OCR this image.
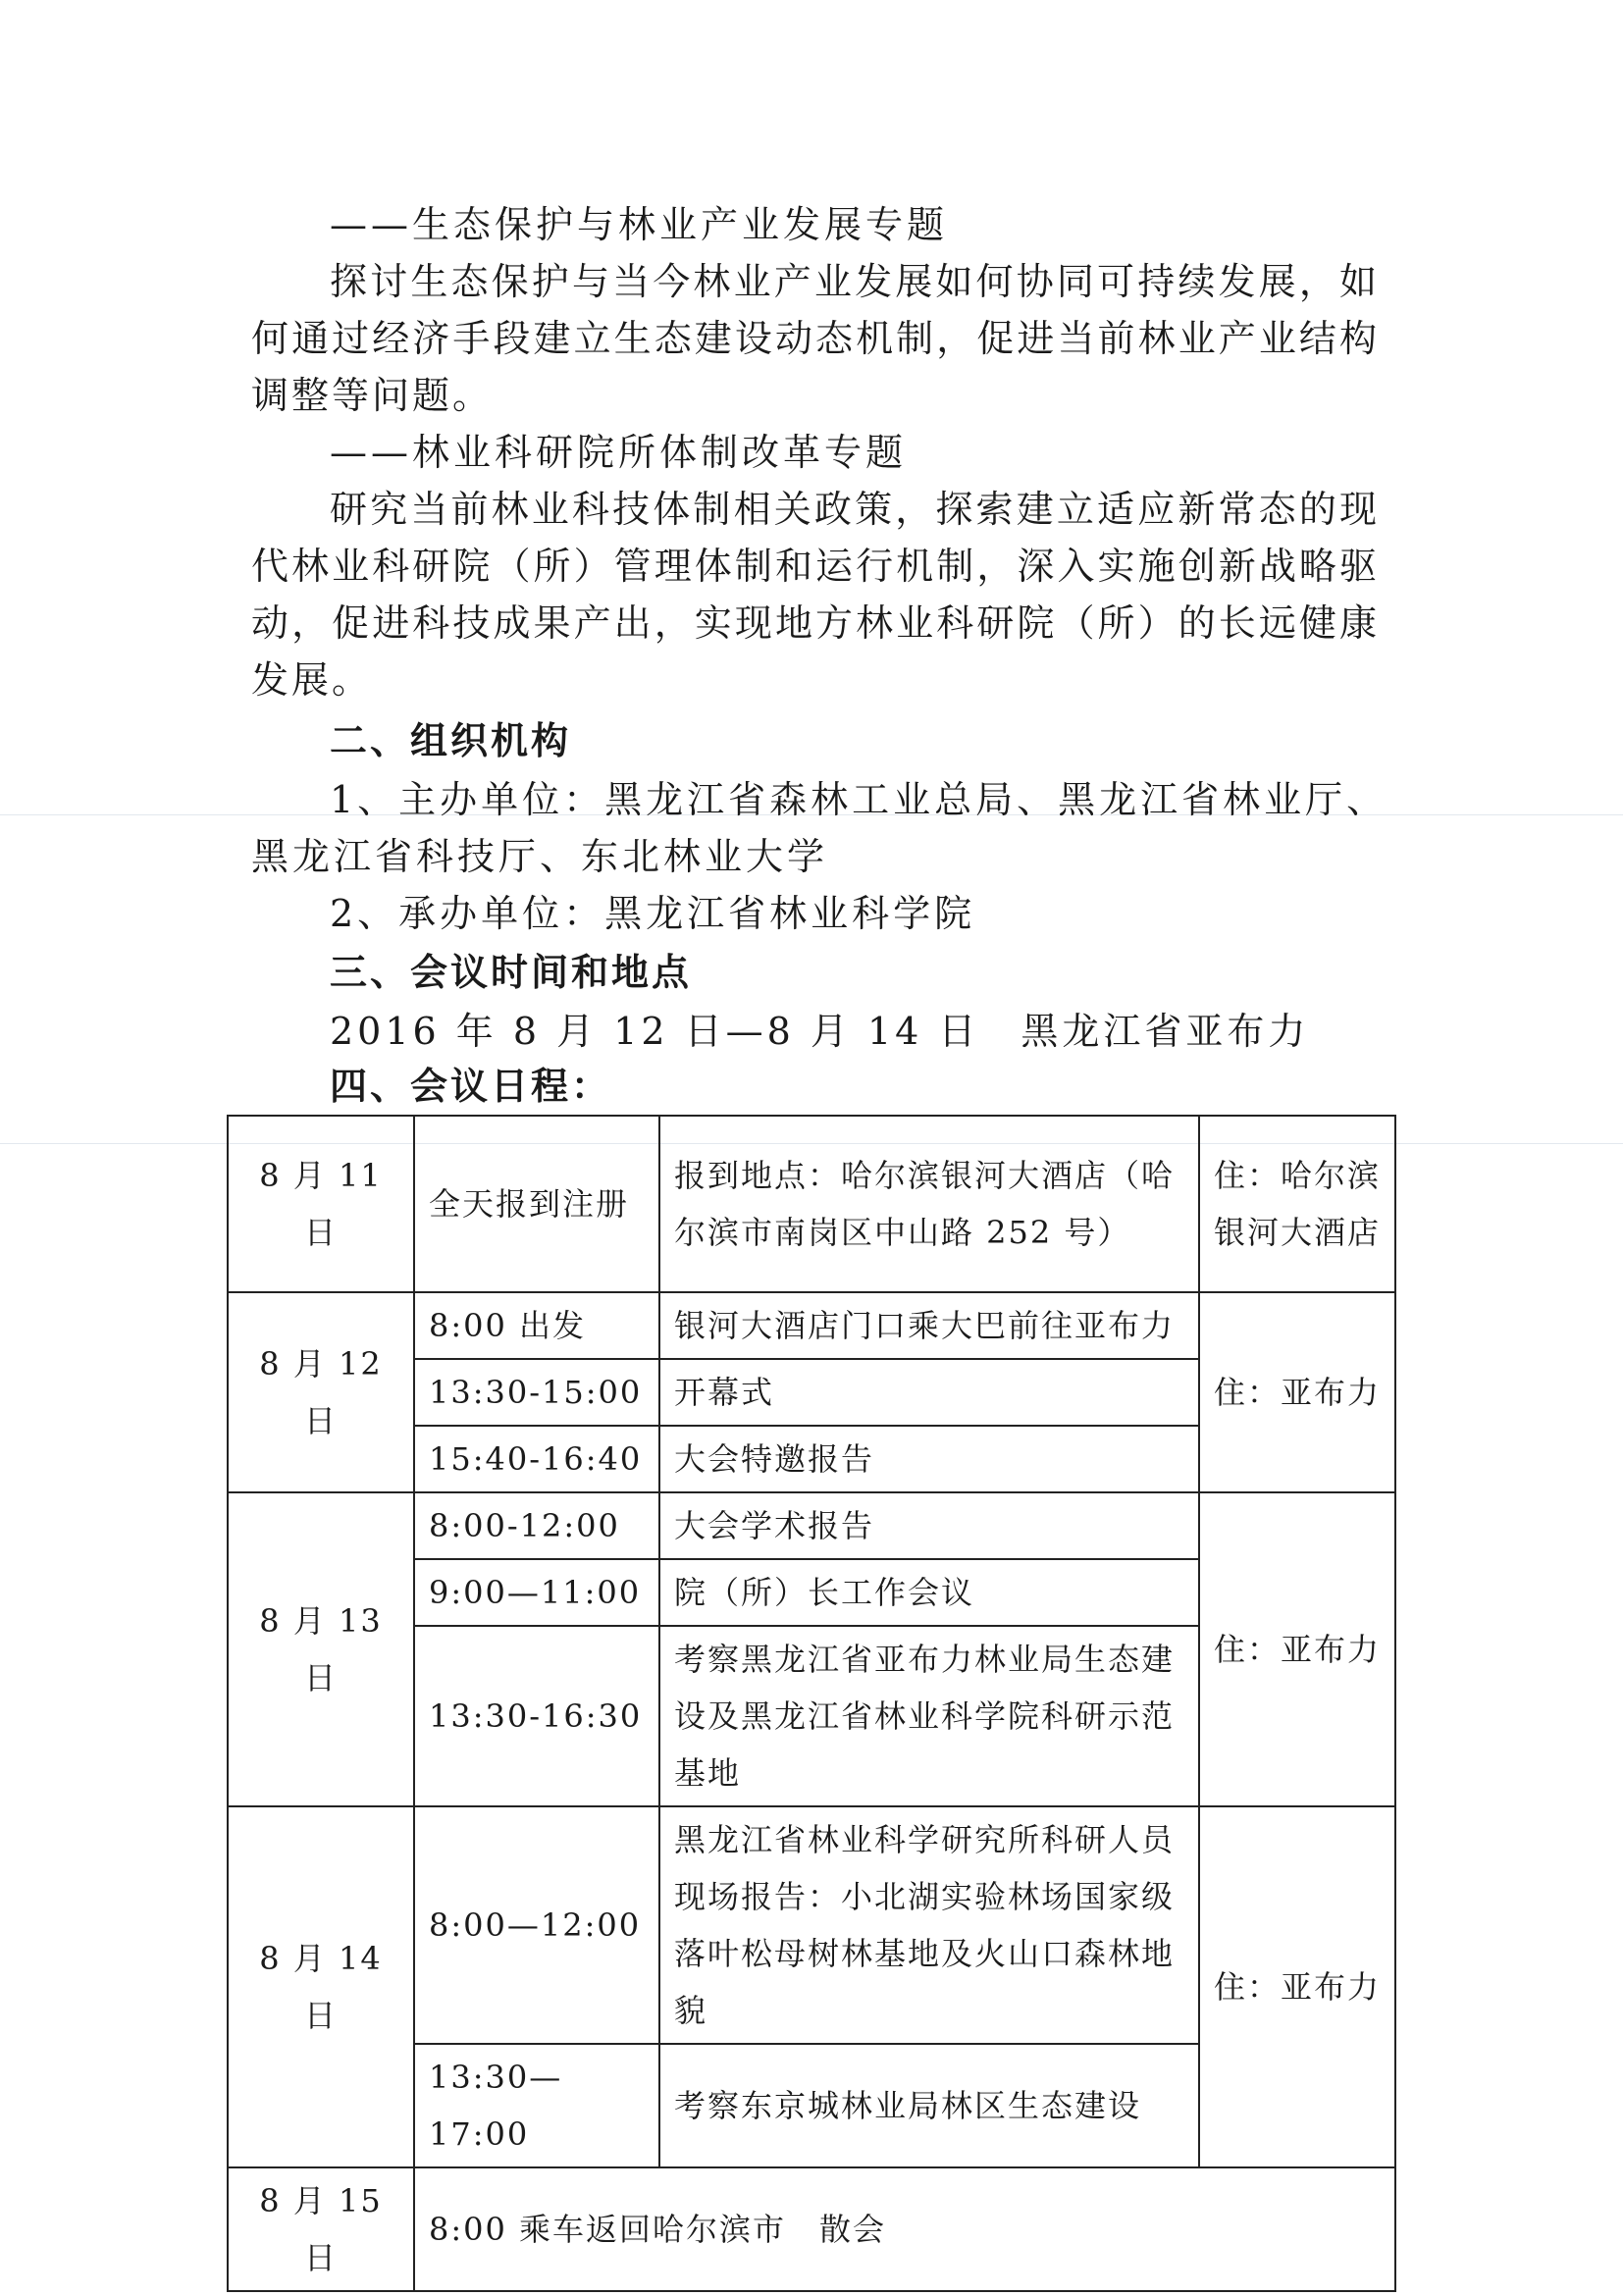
——生态保护与林业产业发展专题

探讨生态保护与当今林业产业发展如何协同可持续发展，如何通过经济手段建立生态建设动态机制，促进当前林业产业结构调整等问题。

——林业科研院所体制改革专题

研究当前林业科技体制相关政策，探索建立适应新常态的现代林业科研院（所）管理体制和运行机制，深入实施创新战略驱动，促进科技成果产出，实现地方林业科研院（所）的长远健康发展。

二、组织机构

1、主办单位：黑龙江省森林工业总局、黑龙江省林业厅、

黑龙江省科技厅、东北林业大学

2、承办单位：黑龙江省林业科学院

三、会议时间和地点

2016 年 8 月 12 日—8 月 14 日　黑龙江省亚布力

四、会议日程：

8 月 11 日	全天报到注册	报到地点：哈尔滨银河大酒店（哈尔滨市南岗区中山路 252 号）	住：哈尔滨银河大酒店
8 月 12 日	8:00 出发	银河大酒店门口乘大巴前往亚布力	住：亚布力
	13:30-15:00	开幕式	
	15:40-16:40	大会特邀报告	
8 月 13 日	8:00-12:00	大会学术报告	住：亚布力
	9:00—11:00	院（所）长工作会议	
	13:30-16:30	考察黑龙江省亚布力林业局生态建设及黑龙江省林业科学院科研示范基地	
8 月 14 日	8:00—12:00	黑龙江省林业科学研究所科研人员现场报告：小北湖实验林场国家级落叶松母树林基地及火山口森林地貌	住：亚布力
	13:30—17:00	考察东京城林业局林区生态建设	
8 月 15 日	8:00 乘车返回哈尔滨市　散会		
